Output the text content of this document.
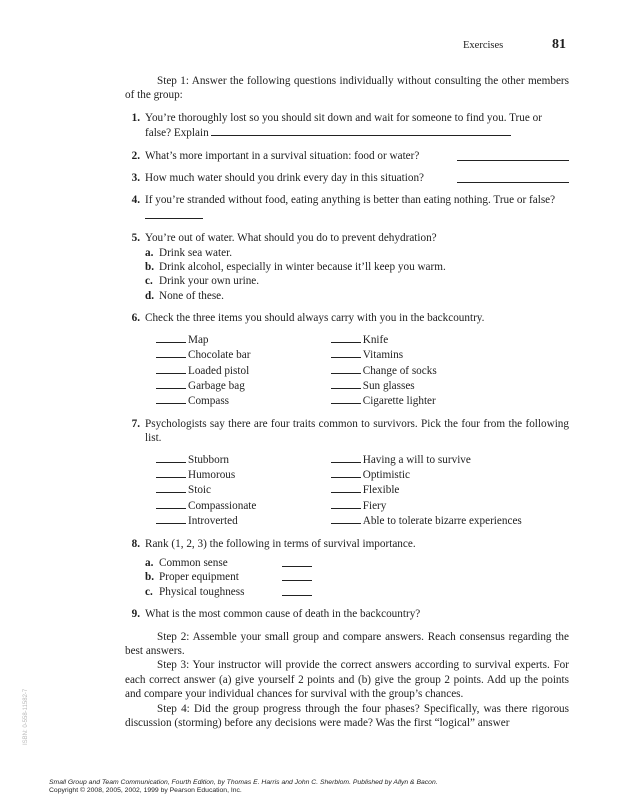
Exercises	81

Step 1: Answer the following questions individually without consulting the other members of the group:

1. You’re thoroughly lost so you should sit down and wait for someone to find you. True or false? Explain
2. What’s more important in a survival situation: food or water?
3. How much water should you drink every day in this situation?
4. If you’re stranded without food, eating anything is better than eating nothing. True or false?
5. You’re out of water. What should you do to prevent dehydration?
a. Drink sea water.
b. Drink alcohol, especially in winter because it’ll keep you warm.
c. Drink your own urine.
d. None of these.
6. Check the three items you should always carry with you in the backcountry.
Map
Chocolate bar
Loaded pistol
Garbage bag
Compass
Knife
Vitamins
Change of socks
Sun glasses
Cigarette lighter
7. Psychologists say there are four traits common to survivors. Pick the four from the following list.

Stubborn
Humorous
Stoic
Compassionate
Introverted
Having a will to survive
Optimistic
Flexible
Fiery
Able to tolerate bizarre experiences
8. Rank (1, 2, 3) the following in terms of survival importance.
a. Common sense
b. Proper equipment
c. Physical toughness
9. What is the most common cause of death in the backcountry?

Step 2: Assemble your small group and compare answers. Reach consensus regarding the best answers.

Step 3: Your instructor will provide the correct answers according to survival experts. For each correct answer (a) give yourself 2 points and (b) give the group 2 points. Add up the points and compare your individual chances for survival with the group’s chances.

Step 4: Did the group progress through the four phases? Specifically, was there rigorous discussion (storming) before any decisions were made? Was the first “logical” answer

ISBN: 0-558-11582-7
Small Group and Team Communication, Fourth Edition, by Thomas E. Harris and John C. Sherblom. Published by Allyn & Bacon.
Copyright © 2008, 2005, 2002, 1999 by Pearson Education, Inc.
